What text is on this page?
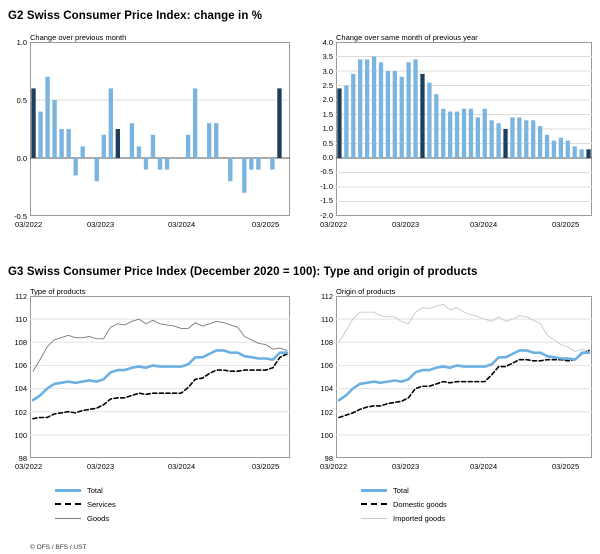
G2 Swiss Consumer Price Index: change in %
G3 Swiss Consumer Price Index (December 2020 = 100): Type and origin of products
Change over previous month
1.0
0.5
0.0
-0.5
03/2022	03/2023	03/2024	03/2025
Change over same month of previous year
4.0
3.5
3.0
2.5
2.0
1.5
1.0
0.5
0.0
-0.5
-1.0
-1.5
-2.0
03/2022	03/2023	03/2024	03/2025
Type of products
112
110
108
106
104
102
100
98
03/2022	03/2023	03/2024	03/2025
Total
Services
Goods
Origin of products
112
110
108
106
104
102
100
98
03/2022	03/2023	03/2024	03/2025
Total
Domestic goods
Imported goods
© OFS / BFS / UST
